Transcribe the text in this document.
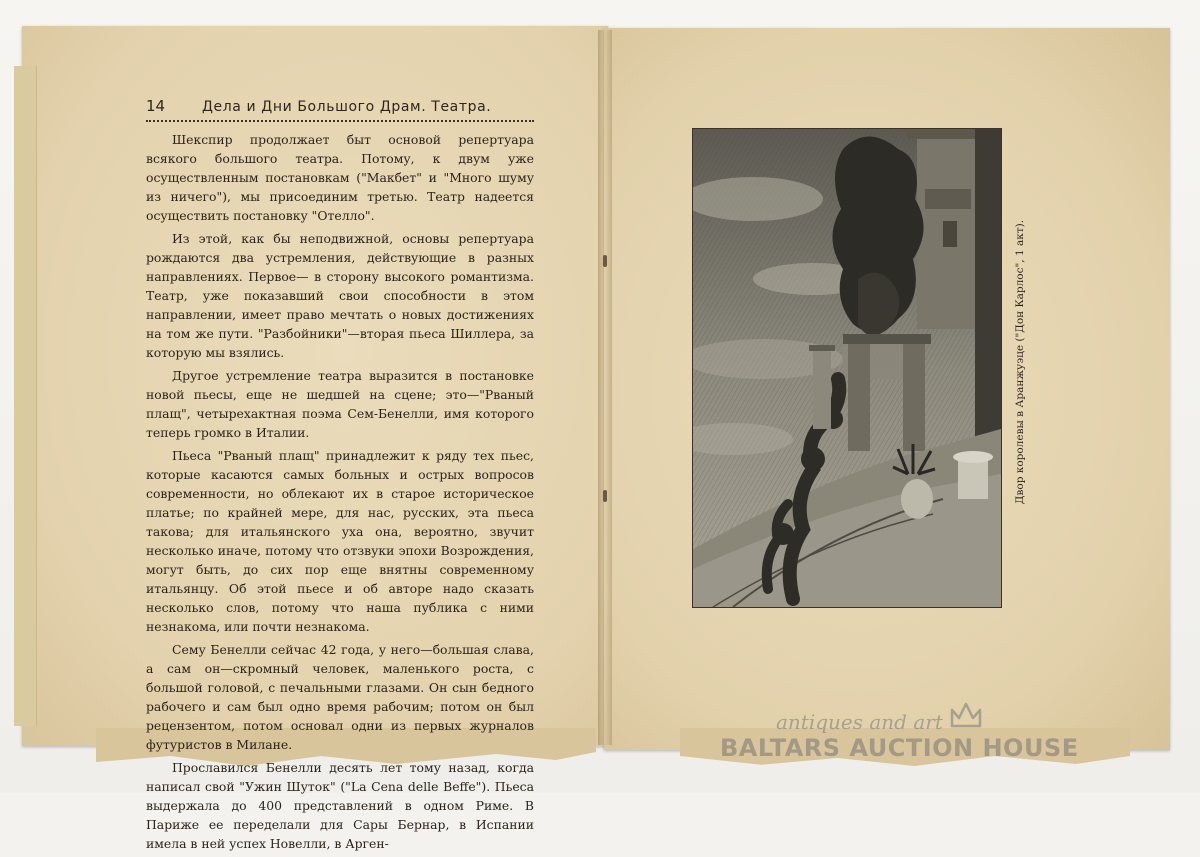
14	Дела и Дни Большого Драм. Театра.

Шекспир продолжает быт основой репертуара всякого большого театра. Потому, к двум уже осуществленным постановкам ("Макбет" и "Много шуму из ничего"), мы присоединим третью. Театр надеется осуществить постановку "Отелло".

Из этой, как бы неподвижной, основы репертуара рождаются два устремления, действующие в разных направлениях. Первое— в сторону высокого романтизма. Театр, уже показавший свои способности в этом направлении, имеет право мечтать о новых достижениях на том же пути. "Разбойники"—вторая пьеса Шиллера, за которую мы взялись.

Другое устремление театра выразится в постановке новой пьесы, еще не шедшей на сцене; это—"Рваный плащ", четырехактная поэма Сем-Бенелли, имя которого теперь громко в Италии.

Пьеса "Рваный плащ" принадлежит к ряду тех пьес, которые касаются самых больных и острых вопросов современности, но облекают их в старое историческое платье; по крайней мере, для нас, русских, эта пьеса такова; для итальянского уха она, вероятно, звучит несколько иначе, потому что отзвуки эпохи Возрождения, могут быть, до сих пор еще внятны современному итальянцу. Об этой пьесе и об авторе надо сказать несколько слов, потому что наша публика с ними незнакома, или почти незнакома.

Сему Бенелли сейчас 42 года, у него—большая слава, а сам он—скромный человек, маленького роста, с большой головой, с печальными глазами. Он сын бедного рабочего и сам был одно время рабочим; потом он был рецензентом, потом основал одни из первых журналов футуристов в Милане.

Прославился Бенелли десять лет тому назад, когда написал свой "Ужин Шуток" ("La Cena delle Beffe"). Пьеса выдержала до 400 представлений в одном Риме. В Париже ее переделали для Сары Бернар, в Испании имела в ней успех Новелли, в Арген-

Двор королевы в Аранжуэце ("Дон Карлос", 1 акт).
antiques and art
BALTARS AUCTION HOUSE
